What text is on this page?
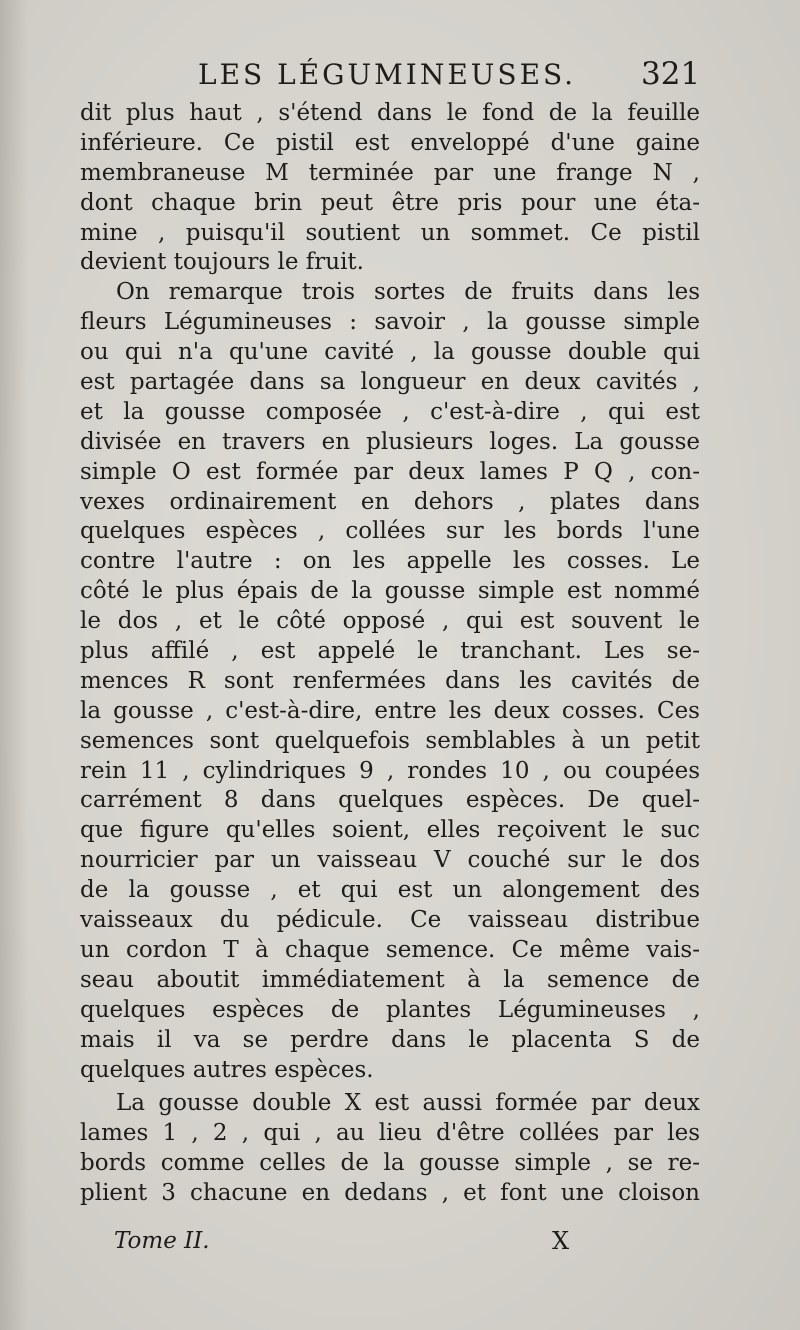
LES LÉGUMINEUSES. 321
dit plus haut , s'étend dans le fond de la feuille
inférieure. Ce pistil est enveloppé d'une gaine
membraneuse M terminée par une frange N ,
dont chaque brin peut être pris pour une éta-
mine , puisqu'il soutient un sommet. Ce pistil
devient toujours le fruit.
On remarque trois sortes de fruits dans les
fleurs Légumineuses : savoir , la gousse simple
ou qui n'a qu'une cavité , la gousse double qui
est partagée dans sa longueur en deux cavités ,
et la gousse composée , c'est-à-dire , qui est
divisée en travers en plusieurs loges. La gousse
simple O est formée par deux lames P Q , con-
vexes ordinairement en dehors , plates dans
quelques espèces , collées sur les bords l'une
contre l'autre : on les appelle les cosses. Le
côté le plus épais de la gousse simple est nommé
le dos , et le côté opposé , qui est souvent le
plus affilé , est appelé le tranchant. Les se-
mences R sont renfermées dans les cavités de
la gousse , c'est-à-dire, entre les deux cosses. Ces
semences sont quelquefois semblables à un petit
rein 11 , cylindriques 9 , rondes 10 , ou coupées
carrément 8 dans quelques espèces. De quel-
que figure qu'elles soient, elles reçoivent le suc
nourricier par un vaisseau V couché sur le dos
de la gousse , et qui est un alongement des
vaisseaux du pédicule. Ce vaisseau distribue
un cordon T à chaque semence. Ce même vais-
seau aboutit immédiatement à la semence de
quelques espèces de plantes Légumineuses ,
mais il va se perdre dans le placenta S de
quelques autres espèces.
La gousse double X est aussi formée par deux
lames 1 , 2 , qui , au lieu d'être collées par les
bords comme celles de la gousse simple , se re-
plient 3 chacune en dedans , et font une cloison
Tome II.	X
